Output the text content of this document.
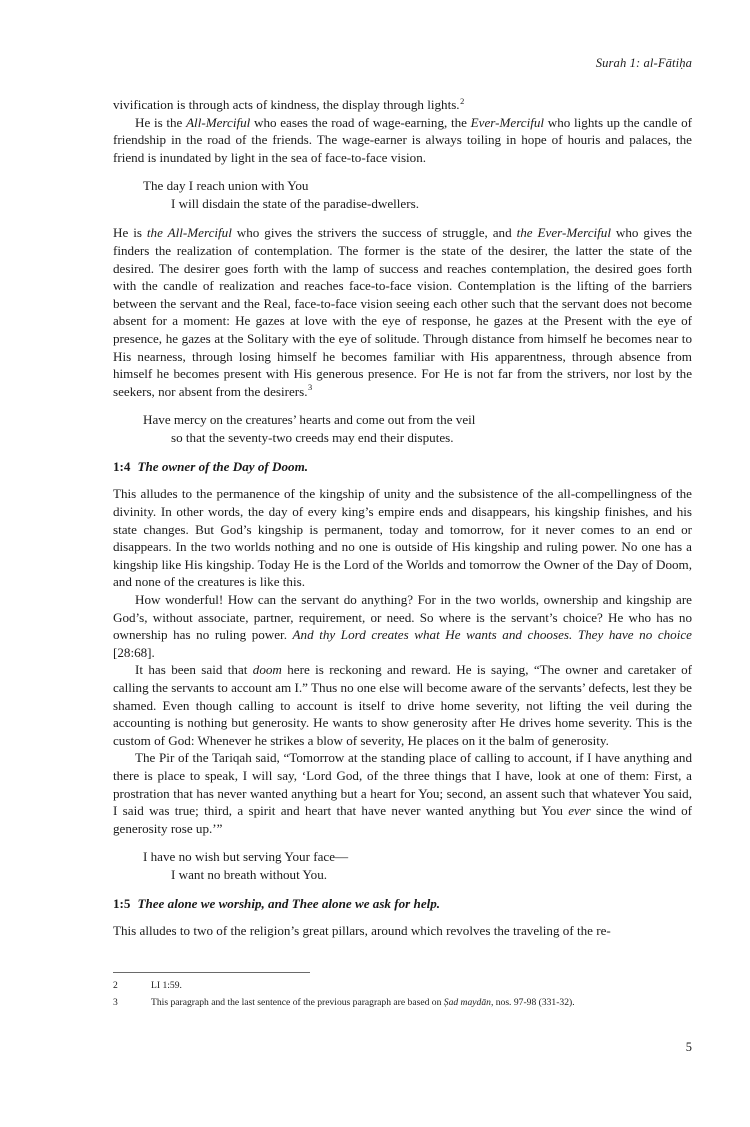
Surah 1: al-Fātiḥa

vivification is through acts of kindness, the display through lights.$^2$

He is the All-Merciful who eases the road of wage-earning, the Ever-Merciful who lights up the candle of friendship in the road of the friends. The wage-earner is always toiling in hope of houris and palaces, the friend is inundated by light in the sea of face-to-face vision.

The day I reach union with You
I will disdain the state of the paradise-dwellers.

He is the All-Merciful who gives the strivers the success of struggle, and the Ever-Merciful who gives the finders the realization of contemplation. The former is the state of the desirer, the latter the state of the desired. The desirer goes forth with the lamp of success and reaches contemplation, the desired goes forth with the candle of realization and reaches face-to-face vision. Contemplation is the lifting of the barriers between the servant and the Real, face-to-face vision seeing each other such that the servant does not become absent for a moment: He gazes at love with the eye of response, he gazes at the Present with the eye of presence, he gazes at the Solitary with the eye of solitude. Through distance from himself he becomes near to His nearness, through losing himself he becomes familiar with His apparentness, through absence from himself he becomes present with His generous presence. For He is not far from the strivers, nor lost by the seekers, nor absent from the desirers.$^3$

Have mercy on the creatures’ hearts and come out from the veil
so that the seventy-two creeds may end their disputes.

1:4 The owner of the Day of Doom.

This alludes to the permanence of the kingship of unity and the subsistence of the all-compellingness of the divinity. In other words, the day of every king’s empire ends and disappears, his kingship finishes, and his state changes. But God’s kingship is permanent, today and tomorrow, for it never comes to an end or disappears. In the two worlds nothing and no one is outside of His kingship and ruling power. No one has a kingship like His kingship. Today He is the Lord of the Worlds and tomorrow the Owner of the Day of Doom, and none of the creatures is like this.

How wonderful! How can the servant do anything? For in the two worlds, ownership and kingship are God’s, without associate, partner, requirement, or need. So where is the servant’s choice? He who has no ownership has no ruling power. And thy Lord creates what He wants and chooses. They have no choice [28:68].

It has been said that doom here is reckoning and reward. He is saying, “The owner and caretaker of calling the servants to account am I.” Thus no one else will become aware of the servants’ defects, lest they be shamed. Even though calling to account is itself to drive home severity, not lifting the veil during the accounting is nothing but generosity. He wants to show generosity after He drives home severity. This is the custom of God: Whenever he strikes a blow of severity, He places on it the balm of generosity.

The Pir of the Tariqah said, “Tomorrow at the standing place of calling to account, if I have anything and there is place to speak, I will say, ‘Lord God, of the three things that I have, look at one of them: First, a prostration that has never wanted anything but a heart for You; second, an assent such that whatever You said, I said was true; third, a spirit and heart that have never wanted anything but You ever since the wind of generosity rose up.’”

I have no wish but serving Your face—
I want no breath without You.

1:5 Thee alone we worship, and Thee alone we ask for help.

This alludes to two of the religion’s great pillars, around which revolves the traveling of the re-

2	LI 1:59.

3	This paragraph and the last sentence of the previous paragraph are based on Ṣad maydān, nos. 97-98 (331-32).

5
